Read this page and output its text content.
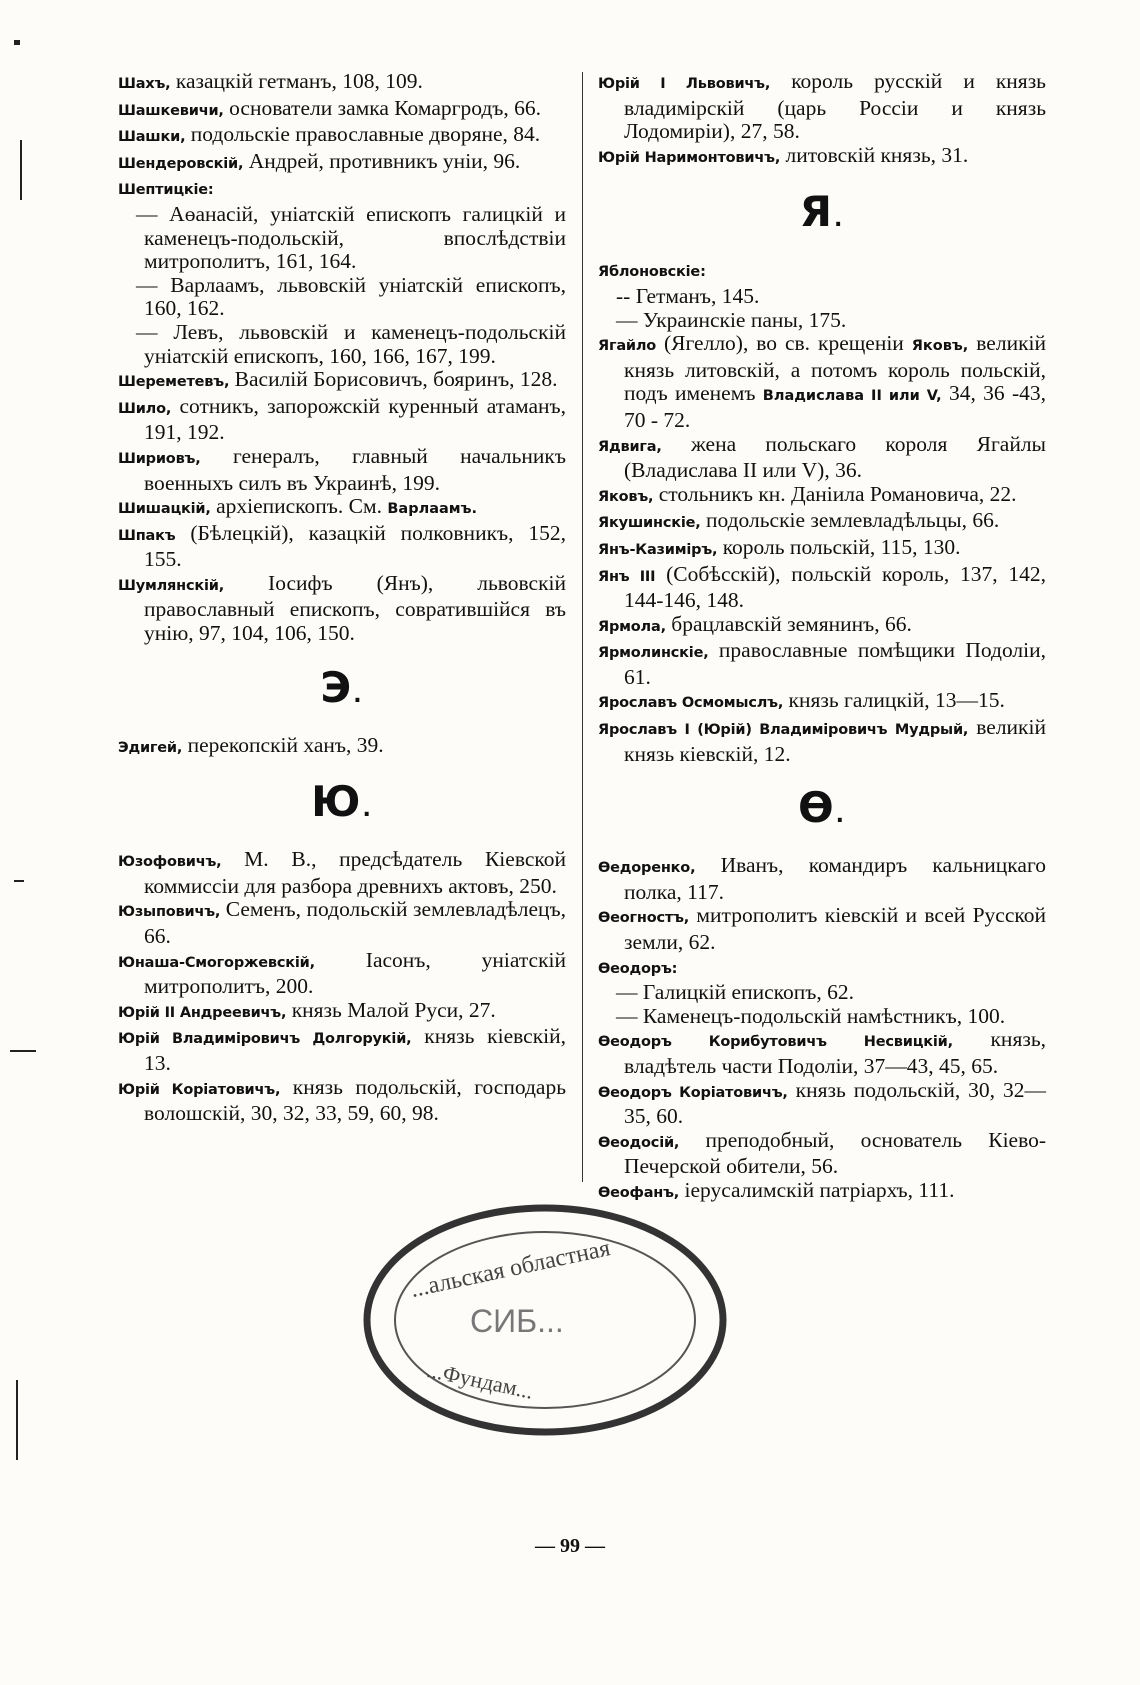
Шахъ, казацкій гетманъ, 108, 109.

Шашкевичи, основатели замка Комаргродъ, 66.

Шашки, подольскіе православные дворяне, 84.

Шендеровскій, Андрей, противникъ уніи, 96.

Шептицкіе:

— Аөанасій, уніатскій епископъ галицкій и каменецъ-подольскій, впослѣдствіи митрополитъ, 161, 164.

— Варлаамъ, львовскій уніатскій епископъ, 160, 162.

— Левъ, львовскій и каменецъ-подольскій уніатскій епископъ, 160, 166, 167, 199.

Шереметевъ, Василій Борисовичъ, бояринъ, 128.

Шило, сотникъ, запорожскій куренный атаманъ, 191, 192.

Шириовъ, генералъ, главный начальникъ военныхъ силъ въ Украинѣ, 199.

Шишацкій, архіепископъ. См. Варлаамъ.

Шпакъ (Бѣлецкій), казацкій полковникъ, 152, 155.

Шумлянскій, Іосифъ (Янъ), львовскій православный епископъ, совратившійся въ унію, 97, 104, 106, 150.

Э.

Эдигей, перекопскій ханъ, 39.

Ю.

Юзофовичъ, М. В., предсѣдатель Кіевской коммиссіи для разбора древнихъ актовъ, 250.

Юзыповичъ, Семенъ, подольскій землевладѣлецъ, 66.

Юнаша-Смогоржевскій, Іасонъ, уніатскій митрополитъ, 200.

Юрій II Андреевичъ, князь Малой Руси, 27.

Юрій Владиміровичъ Долгорукій, князь кіевскій, 13.

Юрій Коріатовичъ, князь подольскій, господарь волошскій, 30, 32, 33, 59, 60, 98.

Юрій I Львовичъ, король русскій и князь владимірскій (царь Россіи и князь Лодомиріи), 27, 58.

Юрій Наримонтовичъ, литовскій князь, 31.

Я.

Яблоновскіе:

-- Гетманъ, 145.

— Украинскіе паны, 175.

Ягайло (Ягелло), во св. крещеніи Яковъ, великій князь литовскій, а потомъ король польскій, подъ именемъ Владислава II или V, 34, 36 -43, 70 - 72.

Ядвига, жена польскаго короля Ягайлы (Владислава II или V), 36.

Яковъ, стольникъ кн. Даніила Романовича, 22.

Якушинскіе, подольскіе землевладѣльцы, 66.

Янъ-Казиміръ, король польскій, 115, 130.

Янъ III (Собѣсскій), польскій король, 137, 142, 144-146, 148.

Ярмола, брацлавскій земянинъ, 66.

Ярмолинскіе, православные помѣщики Подоліи, 61.

Ярославъ Осмомыслъ, князь галицкій, 13—15.

Ярославъ I (Юрій) Владиміровичъ Мудрый, великій князь кіевскій, 12.

Ѳ.

Ѳедоренко, Иванъ, командиръ кальницкаго полка, 117.

Ѳеогностъ, митрополитъ кіевскій и всей Русской земли, 62.

Ѳеодоръ:

— Галицкій епископъ, 62.

— Каменецъ-подольскій намѣстникъ, 100.

Ѳеодоръ Корибутовичъ Несвицкій, князь, владѣтель части Подоліи, 37—43, 45, 65.

Ѳеодоръ Коріатовичъ, князь подольскій, 30, 32—35, 60.

Ѳеодосій, преподобный, основатель Кіево-Печерской обители, 56.

Ѳеофанъ, іерусалимскій патріархъ, 111.

...альская областная
СИБ...
...Фундам...
— 99 —
